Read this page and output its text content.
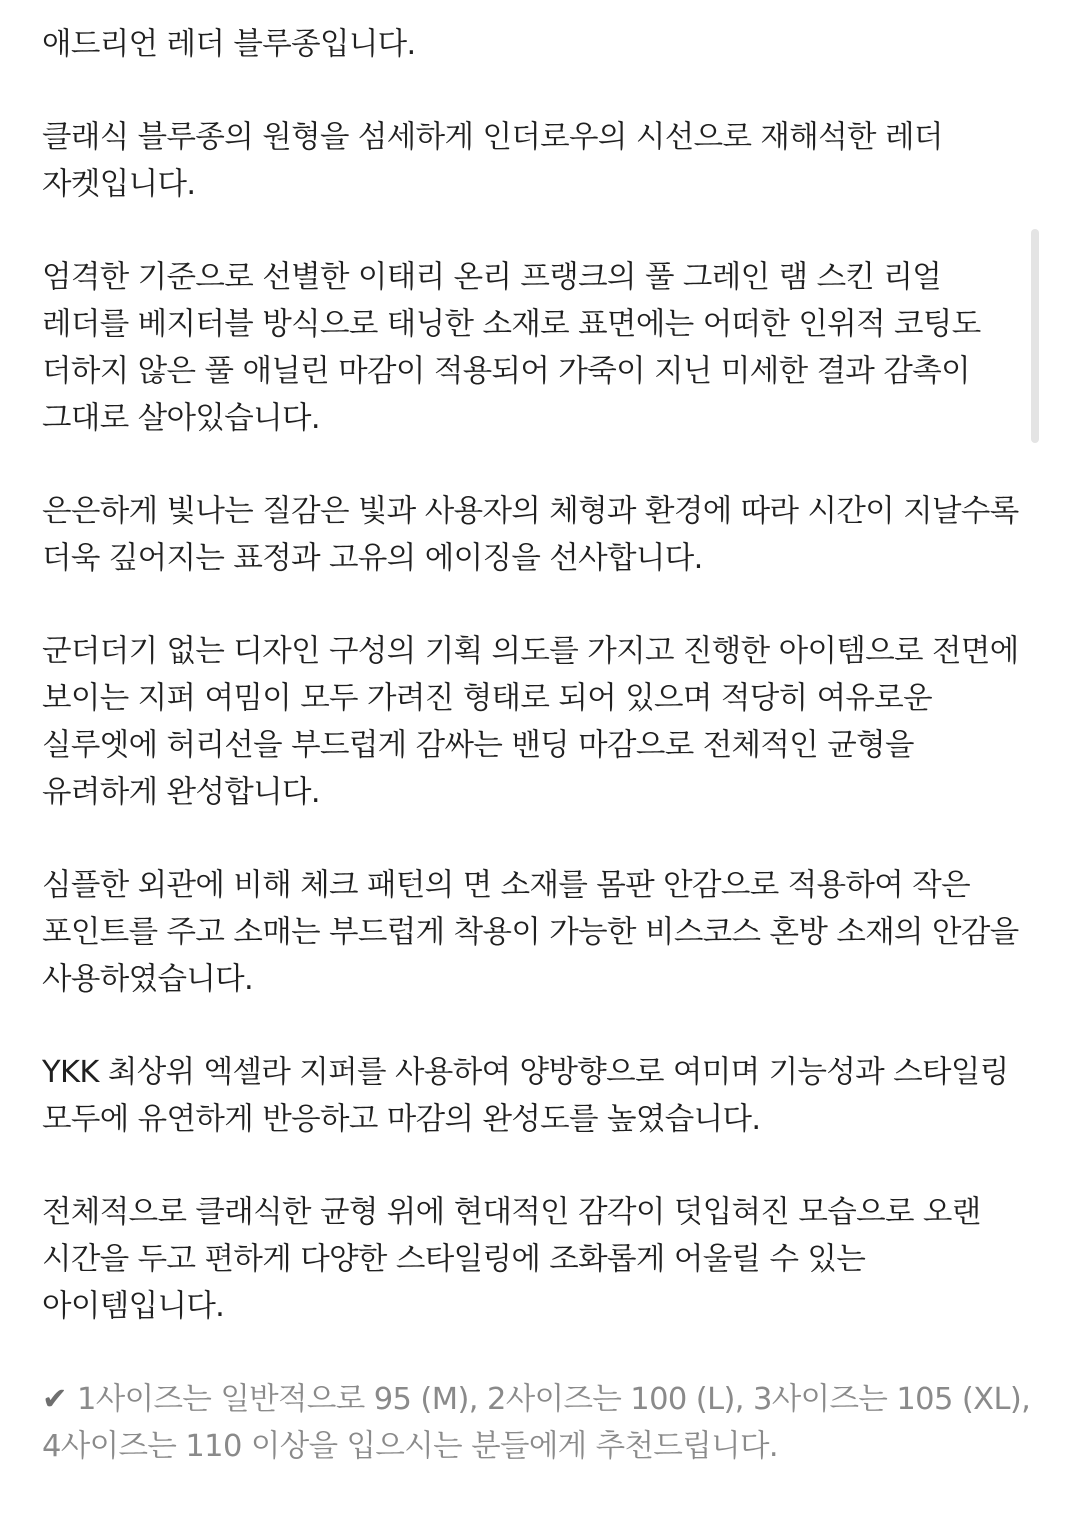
애드리언 레더 블루종입니다.

클래식 블루종의 원형을 섬세하게 인더로우의 시선으로 재해석한 레더 자켓입니다.

엄격한 기준으로 선별한 이태리 온리 프랭크의 풀 그레인 램 스킨 리얼 레더를 베지터블 방식으로 태닝한 소재로 표면에는 어떠한 인위적 코팅도 더하지 않은 풀 애닐린 마감이 적용되어 가죽이 지닌 미세한 결과 감촉이 그대로 살아있습니다.

은은하게 빛나는 질감은 빛과 사용자의 체형과 환경에 따라 시간이 지날수록 더욱 깊어지는 표정과 고유의 에이징을 선사합니다.

군더더기 없는 디자인 구성의 기획 의도를 가지고 진행한 아이템으로 전면에 보이는 지퍼 여밈이 모두 가려진 형태로 되어 있으며 적당히 여유로운 실루엣에 허리선을 부드럽게 감싸는 밴딩 마감으로 전체적인 균형을 유려하게 완성합니다.

심플한 외관에 비해 체크 패턴의 면 소재를 몸판 안감으로 적용하여 작은 포인트를 주고 소매는 부드럽게 착용이 가능한 비스코스 혼방 소재의 안감을 사용하였습니다.

YKK 최상위 엑셀라 지퍼를 사용하여 양방향으로 여미며 기능성과 스타일링 모두에 유연하게 반응하고 마감의 완성도를 높였습니다.

전체적으로 클래식한 균형 위에 현대적인 감각이 덧입혀진 모습으로 오랜 시간을 두고 편하게 다양한 스타일링에 조화롭게 어울릴 수 있는 아이템입니다.

✔ 1사이즈는 일반적으로 95 (M), 2사이즈는 100 (L), 3사이즈는 105 (XL), 4사이즈는 110 이상을 입으시는 분들에게 추천드립니다.
